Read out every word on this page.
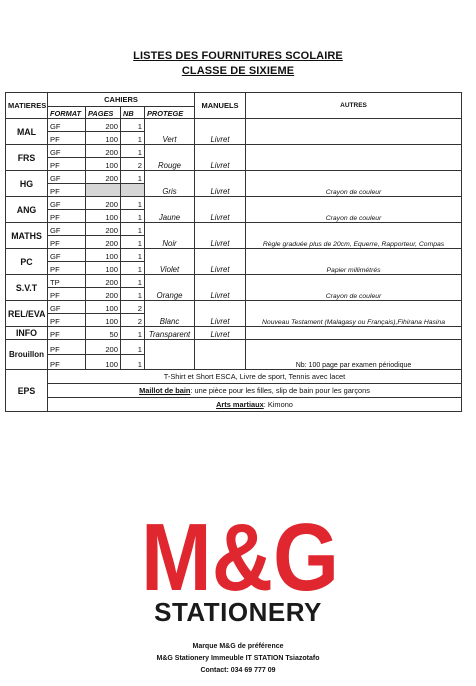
LISTES DES FOURNITURES SCOLAIRE
CLASSE DE SIXIEME
MATIERES	CAHIERS				MANUELS	AUTRES
	FORMAT	PAGES	NB	PROTEGE		
MAL	GF	200	1	Vert	Livret	
	PF	100	1			
FRS	GF	200	1	Rouge	Livret	
	PF	100	2			
HG	GF	200	1	Gris	Livret	Crayon de couleur
	PF					
ANG	GF	200	1	Jaune	Livret	Crayon de couleur
	PF	100	1			
MATHS	GF	200	1	Noir	Livret	Règle graduée plus de 20cm, Equerre, Rapporteur, Compas
	PF	200	1			
PC	GF	100	1	Violet	Livret	Papier millimétrés
	PF	100	1			
S.V.T	TP	200	1	Orange	Livret	Crayon de couleur
	PF	200	1			
REL/EVA	GF	100	2	Blanc	Livret	Nouveau Testament (Malagasy ou Français),Fihirana Hasina
	PF	100	2			
INFO	PF	50	1	Transparent	Livret	
Brouillon	PF	200	1			Nb: 100 page par examen périodique
	PF	100	1			
EPS	T-Shirt et Short ESCA, Livre de sport, Tennis avec lacet					
	Maillot de bain: une pièce pour les filles, slip de bain pour les garçons					
	Arts martiaux: Kimono					
M&G
STATIONERY
Marque M&G de préférence
M&G Stationery Immeuble IT STATION Tsiazotafo
Contact: 034 69 777 09
